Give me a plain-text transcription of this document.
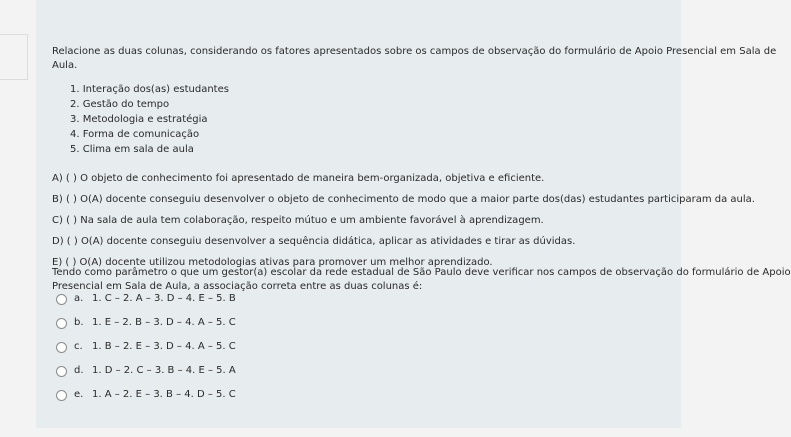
Relacione as duas colunas, considerando os fatores apresentados sobre os campos de observação do formulário de Apoio Presencial em Sala de
Aula.
1. Interação dos(as) estudantes
2. Gestão do tempo
3. Metodologia e estratégia
4. Forma de comunicação
5. Clima em sala de aula
A) ( ) O objeto de conhecimento foi apresentado de maneira bem-organizada, objetiva e eficiente.
B) ( ) O(A) docente conseguiu desenvolver o objeto de conhecimento de modo que a maior parte dos(das) estudantes participaram da aula.
C) ( ) Na sala de aula tem colaboração, respeito mútuo e um ambiente favorável à aprendizagem.
D) ( ) O(A) docente conseguiu desenvolver a sequência didática, aplicar as atividades e tirar as dúvidas.
E) ( ) O(A) docente utilizou metodologias ativas para promover um melhor aprendizado.
Tendo como parâmetro o que um gestor(a) escolar da rede estadual de São Paulo deve verificar nos campos de observação do formulário de Apoio
Presencial em Sala de Aula, a associação correta entre as duas colunas é:
a. 1. C – 2. A – 3. D – 4. E – 5. B
b. 1. E – 2. B – 3. D – 4. A – 5. C
c. 1. B – 2. E – 3. D – 4. A – 5. C
d. 1. D – 2. C – 3. B – 4. E – 5. A
e. 1. A – 2. E – 3. B – 4. D – 5. C
